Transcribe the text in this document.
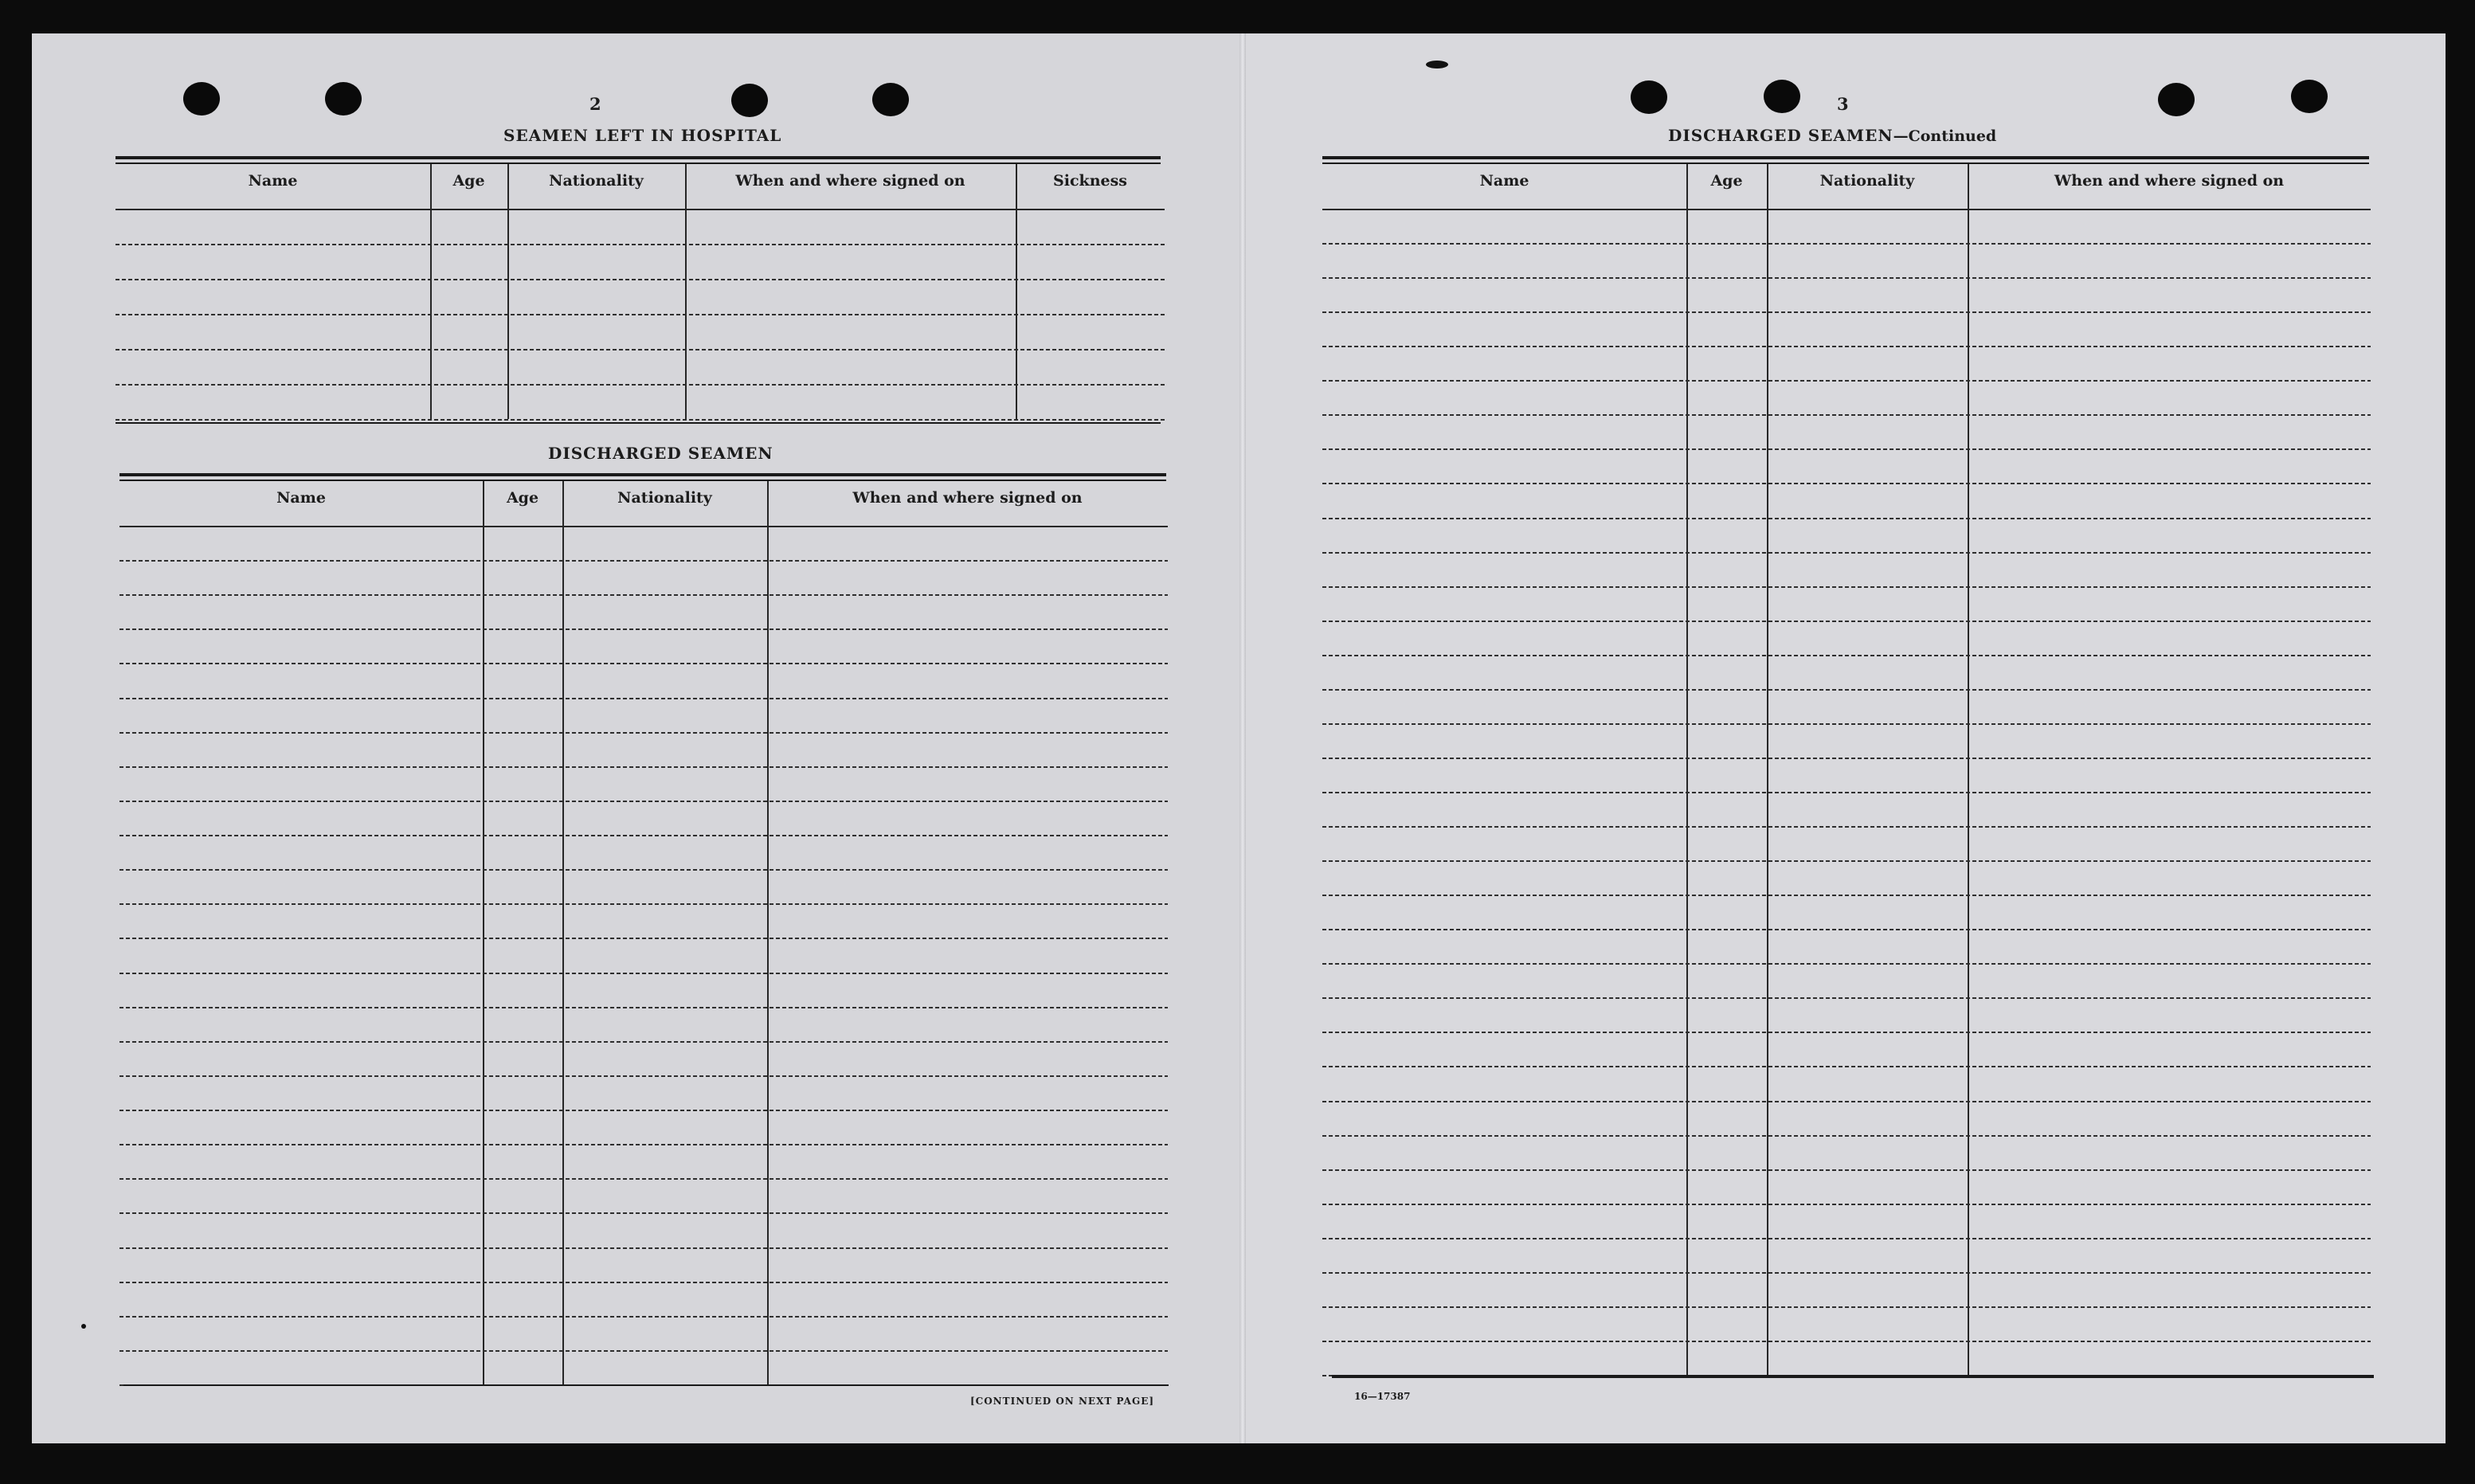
2
SEAMEN LEFT IN HOSPITAL
Name	Age	Nationality	When and where signed on	Sickness
DISCHARGED SEAMEN
Name	Age	Nationality	When and where signed on
[CONTINUED ON NEXT PAGE]
3
DISCHARGED SEAMEN—Continued
Name	Age	Nationality	When and where signed on
16—17387
